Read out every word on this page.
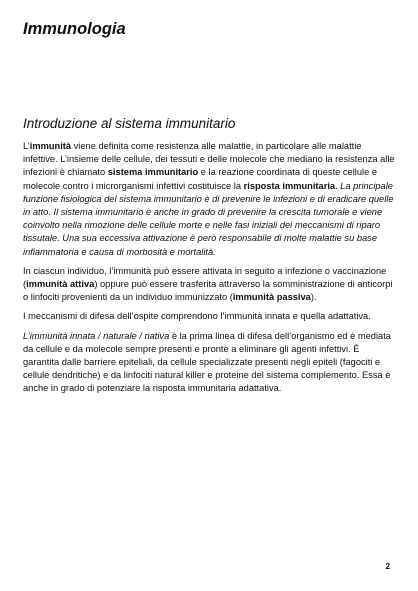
Immunologia
Introduzione al sistema immunitario

L’immunità viene definita come resistenza alle malattie, in particolare alle malattie infettive. L’insieme delle cellule, dei tessuti e delle molecole che mediano la resistenza alle infezioni è chiamato sistema immunitario e la reazione coordinata di queste cellule e molecole contro i microrganismi infettivi costituisce la risposta immunitaria. La principale funzione fisiologica del sistema immunitario è di prevenire le infezioni e di eradicare quelle in atto. Il sistema immunitario è anche in grado di prevenire la crescita tumorale e viene coinvolto nella rimozione delle cellule morte e nelle fasi iniziali dei meccanismi di riparo tissutale. Una sua eccessiva attivazione è però responsabile di molte malattie su base infiammatoria e causa di morbosità e mortalità.

In ciascun individuo, l’immunità può essere attivata in seguito a infezione o vaccinazione (immunità attiva) oppure può essere trasferita attraverso la somministrazione di anticorpi o linfociti provenienti da un individuo immunizzato (immunità passiva).

I meccanismi di difesa dell’ospite comprendono l’immunità innata e quella adattativa.

L’immunità innata / naturale / nativa è la prima linea di difesa dell’organismo ed è mediata da cellule e da molecole sempre presenti e pronte a eliminare gli agenti infettivi. È garantita dalle barriere epiteliali, da cellule specializzate presenti negli epiteli (fagociti e cellule dendritiche) e da linfociti natural killer e proteine del sistema complemento. Essa è anche in grado di potenziare la risposta immunitaria adattativa.

2
